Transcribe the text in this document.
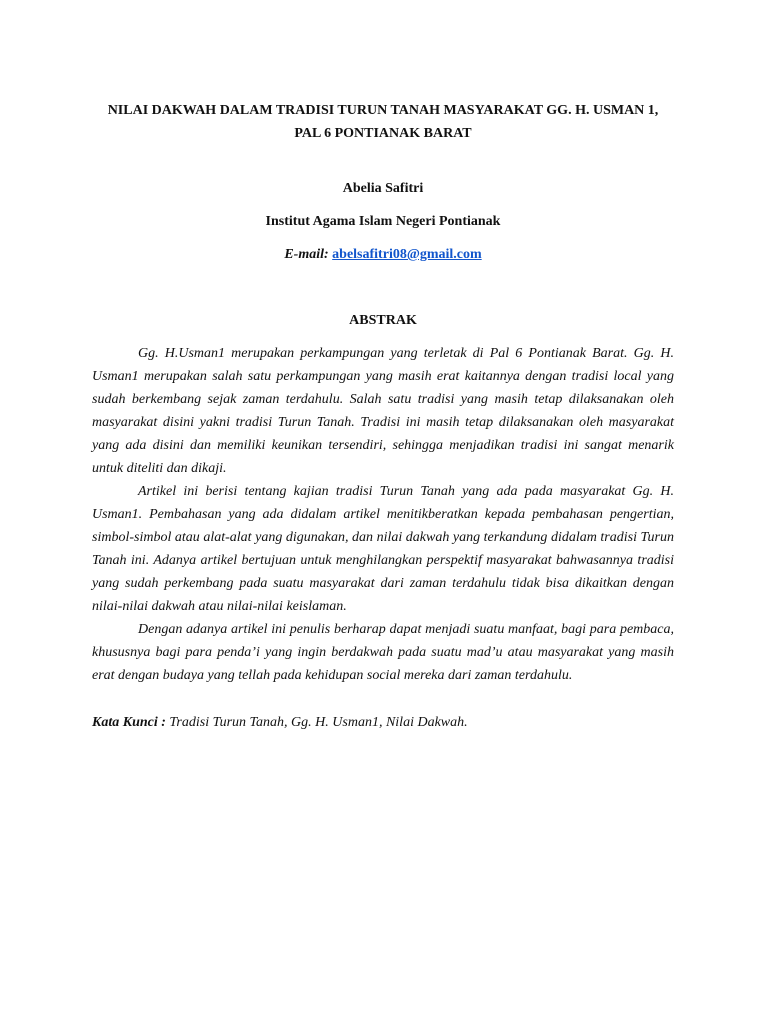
NILAI DAKWAH DALAM TRADISI TURUN TANAH MASYARAKAT GG. H. USMAN 1,
PAL 6 PONTIANAK BARAT

Abelia Safitri

Institut Agama Islam Negeri Pontianak

E-mail: abelsafitri08@gmail.com

ABSTRAK

Gg. H.Usman1 merupakan perkampungan yang terletak di Pal 6 Pontianak Barat. Gg. H. Usman1 merupakan salah satu perkampungan yang masih erat kaitannya dengan tradisi local yang sudah berkembang sejak zaman terdahulu. Salah satu tradisi yang masih tetap dilaksanakan oleh masyarakat disini yakni tradisi Turun Tanah. Tradisi ini masih tetap dilaksanakan oleh masyarakat yang ada disini dan memiliki keunikan tersendiri, sehingga menjadikan tradisi ini sangat menarik untuk diteliti dan dikaji.

Artikel ini berisi tentang kajian tradisi Turun Tanah yang ada pada masyarakat Gg. H. Usman1. Pembahasan yang ada didalam artikel menitikberatkan kepada pembahasan pengertian, simbol-simbol atau alat-alat yang digunakan, dan nilai dakwah yang terkandung didalam tradisi Turun Tanah ini. Adanya artikel bertujuan untuk menghilangkan perspektif masyarakat bahwasannya tradisi yang sudah perkembang pada suatu masyarakat dari zaman terdahulu tidak bisa dikaitkan dengan nilai-nilai dakwah atau nilai-nilai keislaman.

Dengan adanya artikel ini penulis berharap dapat menjadi suatu manfaat, bagi para pembaca, khususnya bagi para penda’i yang ingin berdakwah pada suatu mad’u atau masyarakat yang masih erat dengan budaya yang tellah pada kehidupan social mereka dari zaman terdahulu.

Kata Kunci : Tradisi Turun Tanah, Gg. H. Usman1, Nilai Dakwah.
